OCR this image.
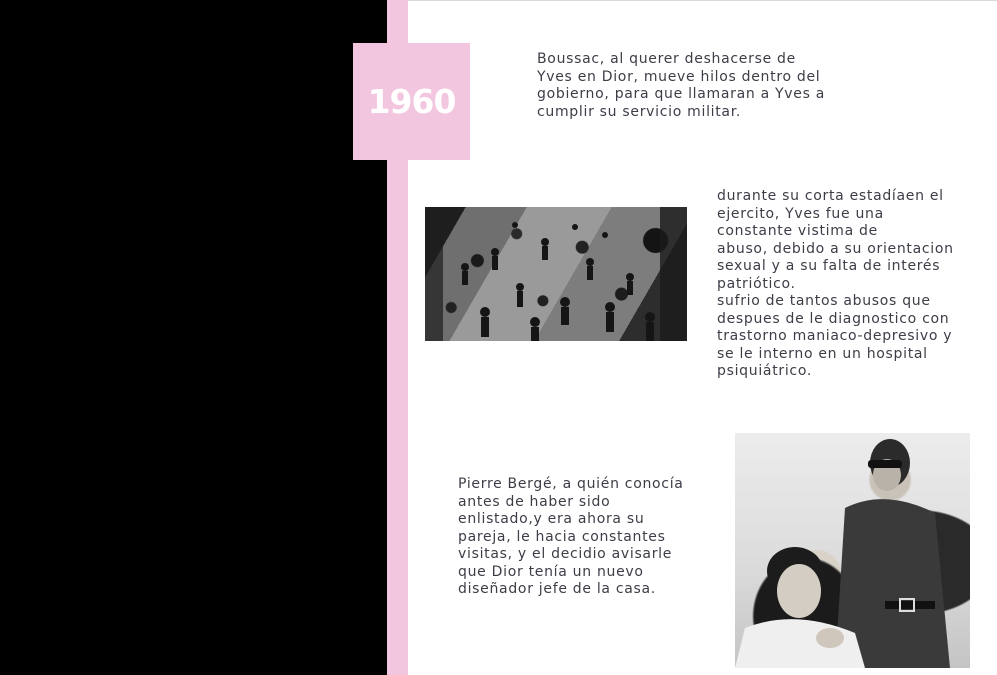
1960

Boussac, al querer deshacerse de
Yves en Dior, mueve hilos dentro del
gobierno, para que llamaran a Yves a
cumplir su servicio militar.

durante su corta estadíaen el
ejercito, Yves fue una
constante vistima de
abuso, debido a su orientacion
sexual y a su falta de interés
patriótico.
sufrio de tantos abusos que
despues de le diagnostico con
trastorno maniaco-depresivo y
se le interno en un hospital
psiquiátrico.

Pierre Bergé, a quién conocía
antes de haber sido
enlistado,y era ahora su
pareja, le hacia constantes
visitas, y el decidio avisarle
que Dior tenía un nuevo
diseñador jefe de la casa.
